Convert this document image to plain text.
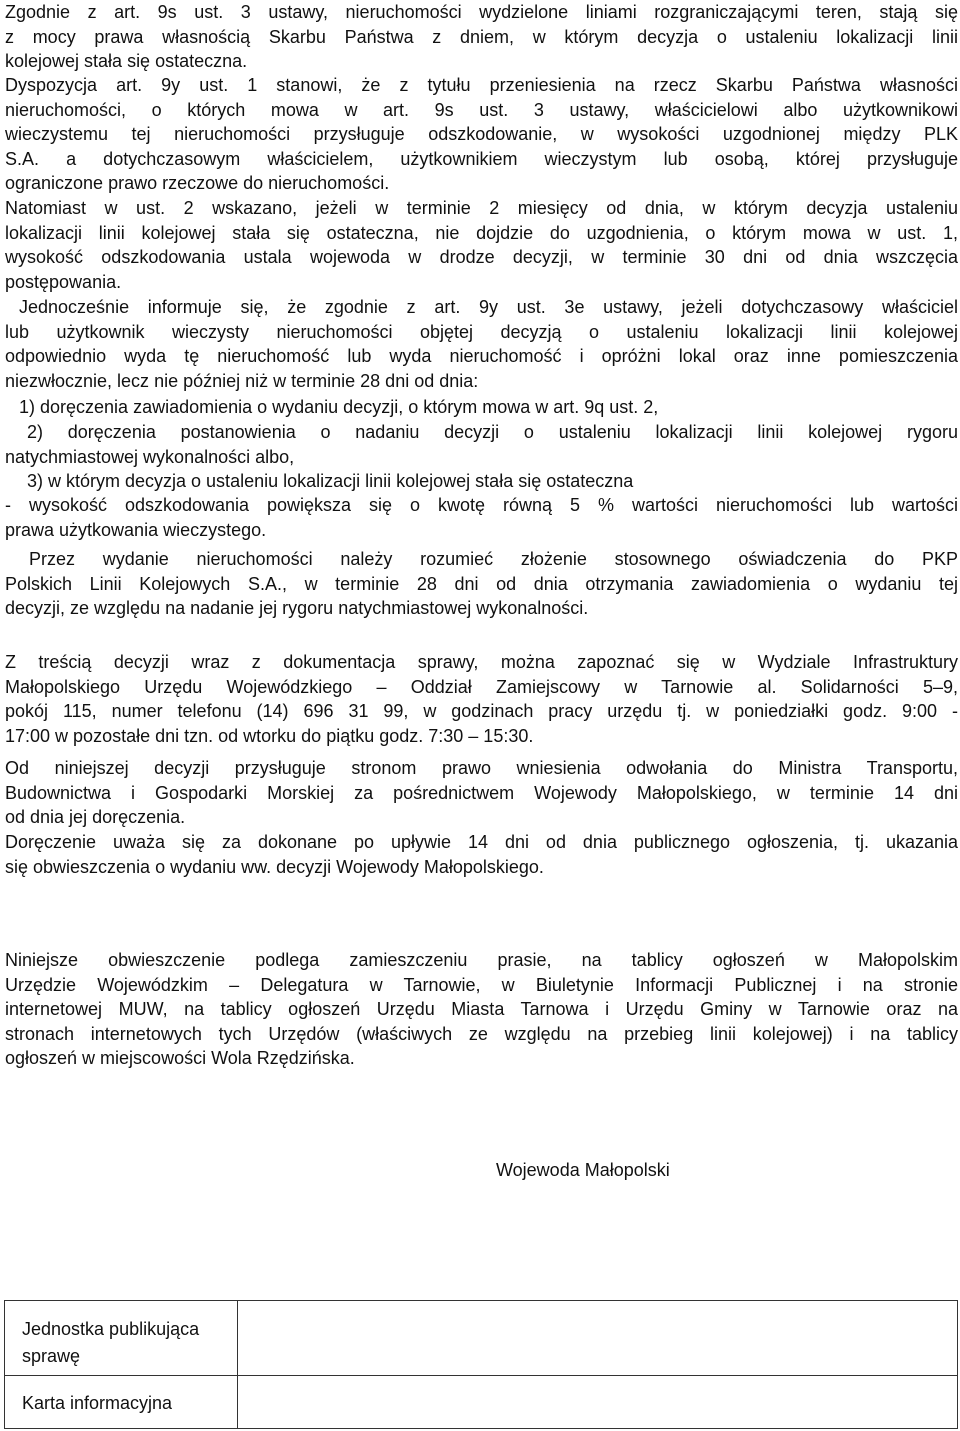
Zgodnie z art. 9s ust. 3 ustawy, nieruchomości wydzielone liniami rozgraniczającymi teren, stają się
z mocy prawa własnością Skarbu Państwa z dniem, w którym decyzja o ustaleniu lokalizacji linii
kolejowej stała się ostateczna.
Dyspozycja art. 9y ust. 1 stanowi, że z tytułu przeniesienia na rzecz Skarbu Państwa własności
nieruchomości, o których mowa w art. 9s ust. 3 ustawy, właścicielowi albo użytkownikowi
wieczystemu tej nieruchomości przysługuje odszkodowanie, w wysokości uzgodnionej między PLK
S.A. a dotychczasowym właścicielem, użytkownikiem wieczystym lub osobą, której przysługuje
ograniczone prawo rzeczowe do nieruchomości.
Natomiast w ust. 2 wskazano, jeżeli w terminie 2 miesięcy od dnia, w którym decyzja ustaleniu
lokalizacji linii kolejowej stała się ostateczna, nie dojdzie do uzgodnienia, o którym mowa w ust. 1,
wysokość odszkodowania ustala wojewoda w drodze decyzji, w terminie 30 dni od dnia wszczęcia
postępowania.
Jednocześnie informuje się, że zgodnie z art. 9y ust. 3e ustawy, jeżeli dotychczasowy właściciel
lub użytkownik wieczysty nieruchomości objętej decyzją o ustaleniu lokalizacji linii kolejowej
odpowiednio wyda tę nieruchomość lub wyda nieruchomość i opróżni lokal oraz inne pomieszczenia
niezwłocznie, lecz nie później niż w terminie 28 dni od dnia:
1) doręczenia zawiadomienia o wydaniu decyzji, o którym mowa w art. 9q ust. 2,
2) doręczenia postanowienia o nadaniu decyzji o ustaleniu lokalizacji linii kolejowej rygoru
natychmiastowej wykonalności albo,
3) w którym decyzja o ustaleniu lokalizacji linii kolejowej stała się ostateczna
- wysokość odszkodowania powiększa się o kwotę równą 5 % wartości nieruchomości lub wartości
prawa użytkowania wieczystego.
Przez wydanie nieruchomości należy rozumieć złożenie stosownego oświadczenia do PKP
Polskich Linii Kolejowych S.A., w terminie 28 dni od dnia otrzymania zawiadomienia o wydaniu tej
decyzji, ze względu na nadanie jej rygoru natychmiastowej wykonalności.
Z treścią decyzji wraz z dokumentacja sprawy, można zapoznać się w Wydziale Infrastruktury
Małopolskiego Urzędu Wojewódzkiego – Oddział Zamiejscowy w Tarnowie al. Solidarności 5–9,
pokój 115, numer telefonu (14) 696 31 99, w godzinach pracy urzędu tj. w poniedziałki godz. 9:00 -
17:00 w pozostałe dni tzn. od wtorku do piątku godz. 7:30 – 15:30.
Od niniejszej decyzji przysługuje stronom prawo wniesienia odwołania do Ministra Transportu,
Budownictwa i Gospodarki Morskiej za pośrednictwem Wojewody Małopolskiego, w terminie 14 dni
od dnia jej doręczenia.
Doręczenie uważa się za dokonane po upływie 14 dni od dnia publicznego ogłoszenia, tj. ukazania
się obwieszczenia o wydaniu ww. decyzji Wojewody Małopolskiego.
Niniejsze obwieszczenie podlega zamieszczeniu prasie, na tablicy ogłoszeń w Małopolskim
Urzędzie Wojewódzkim – Delegatura w Tarnowie, w Biuletynie Informacji Publicznej i na stronie
internetowej MUW, na tablicy ogłoszeń Urzędu Miasta Tarnowa i Urzędu Gminy w Tarnowie oraz na
stronach internetowych tych Urzędów (właściwych ze względu na przebieg linii kolejowej) i na tablicy
ogłoszeń w miejscowości Wola Rzędzińska.
Wojewoda Małopolski
Jednostka publikująca sprawę
Karta informacyjna
